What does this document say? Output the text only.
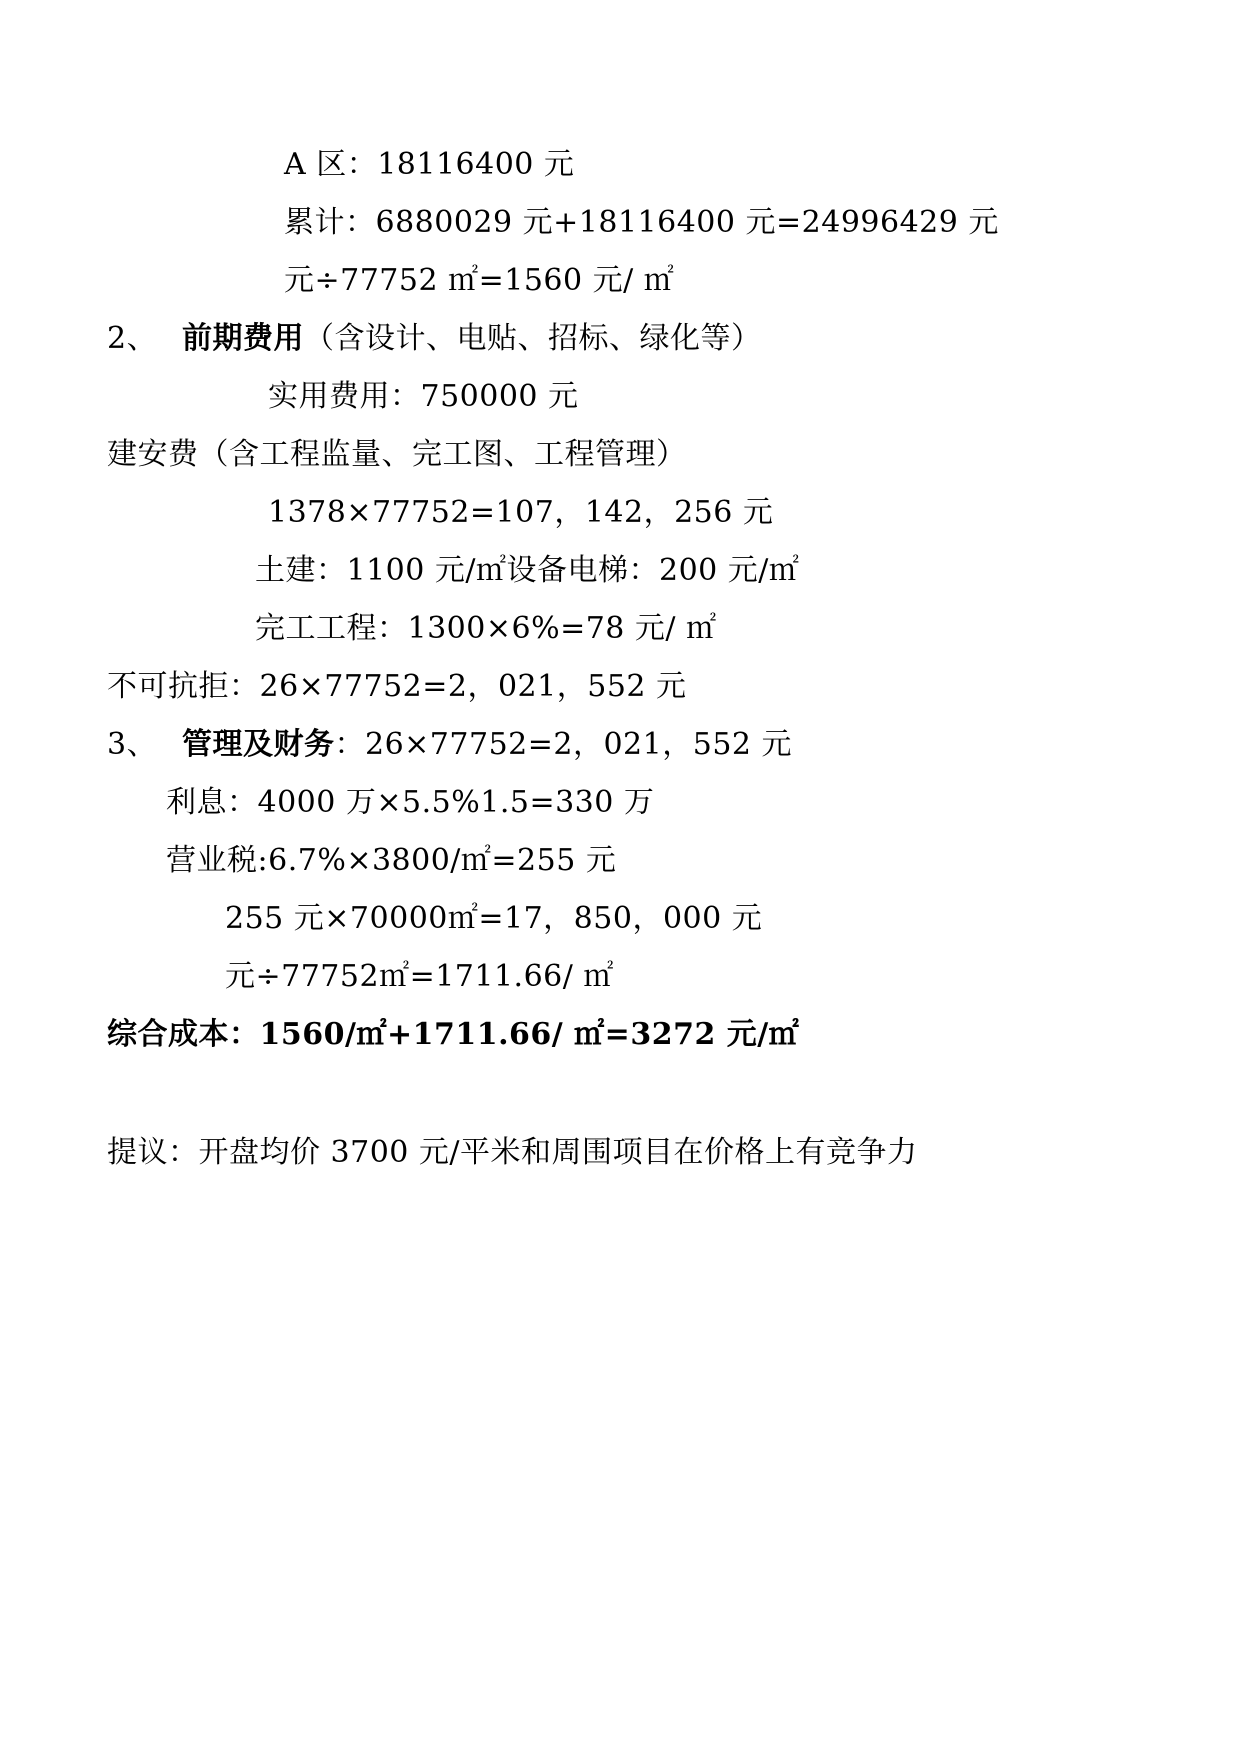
A 区：18116400 元
累计：6880029 元+18116400 元=24996429 元
元÷77752 ㎡=1560 元/ ㎡
2、 前期费用（含设计、电贴、招标、绿化等）
实用费用：750000 元
建安费（含工程监量、完工图、工程管理）
1378×77752=107，142，256 元
土建：1100 元/㎡设备电梯：200 元/㎡
完工工程：1300×6%=78 元/ ㎡
不可抗拒：26×77752=2，021，552 元
3、 管理及财务：26×77752=2，021，552 元
利息：4000 万×5.5%1.5=330 万
营业税:6.7%×3800/㎡=255 元
255 元×70000㎡=17，850，000 元
元÷77752㎡=1711.66/ ㎡
综合成本：1560/㎡+1711.66/ ㎡=3272 元/㎡
提议：开盘均价 3700 元/平米和周围项目在价格上有竞争力
